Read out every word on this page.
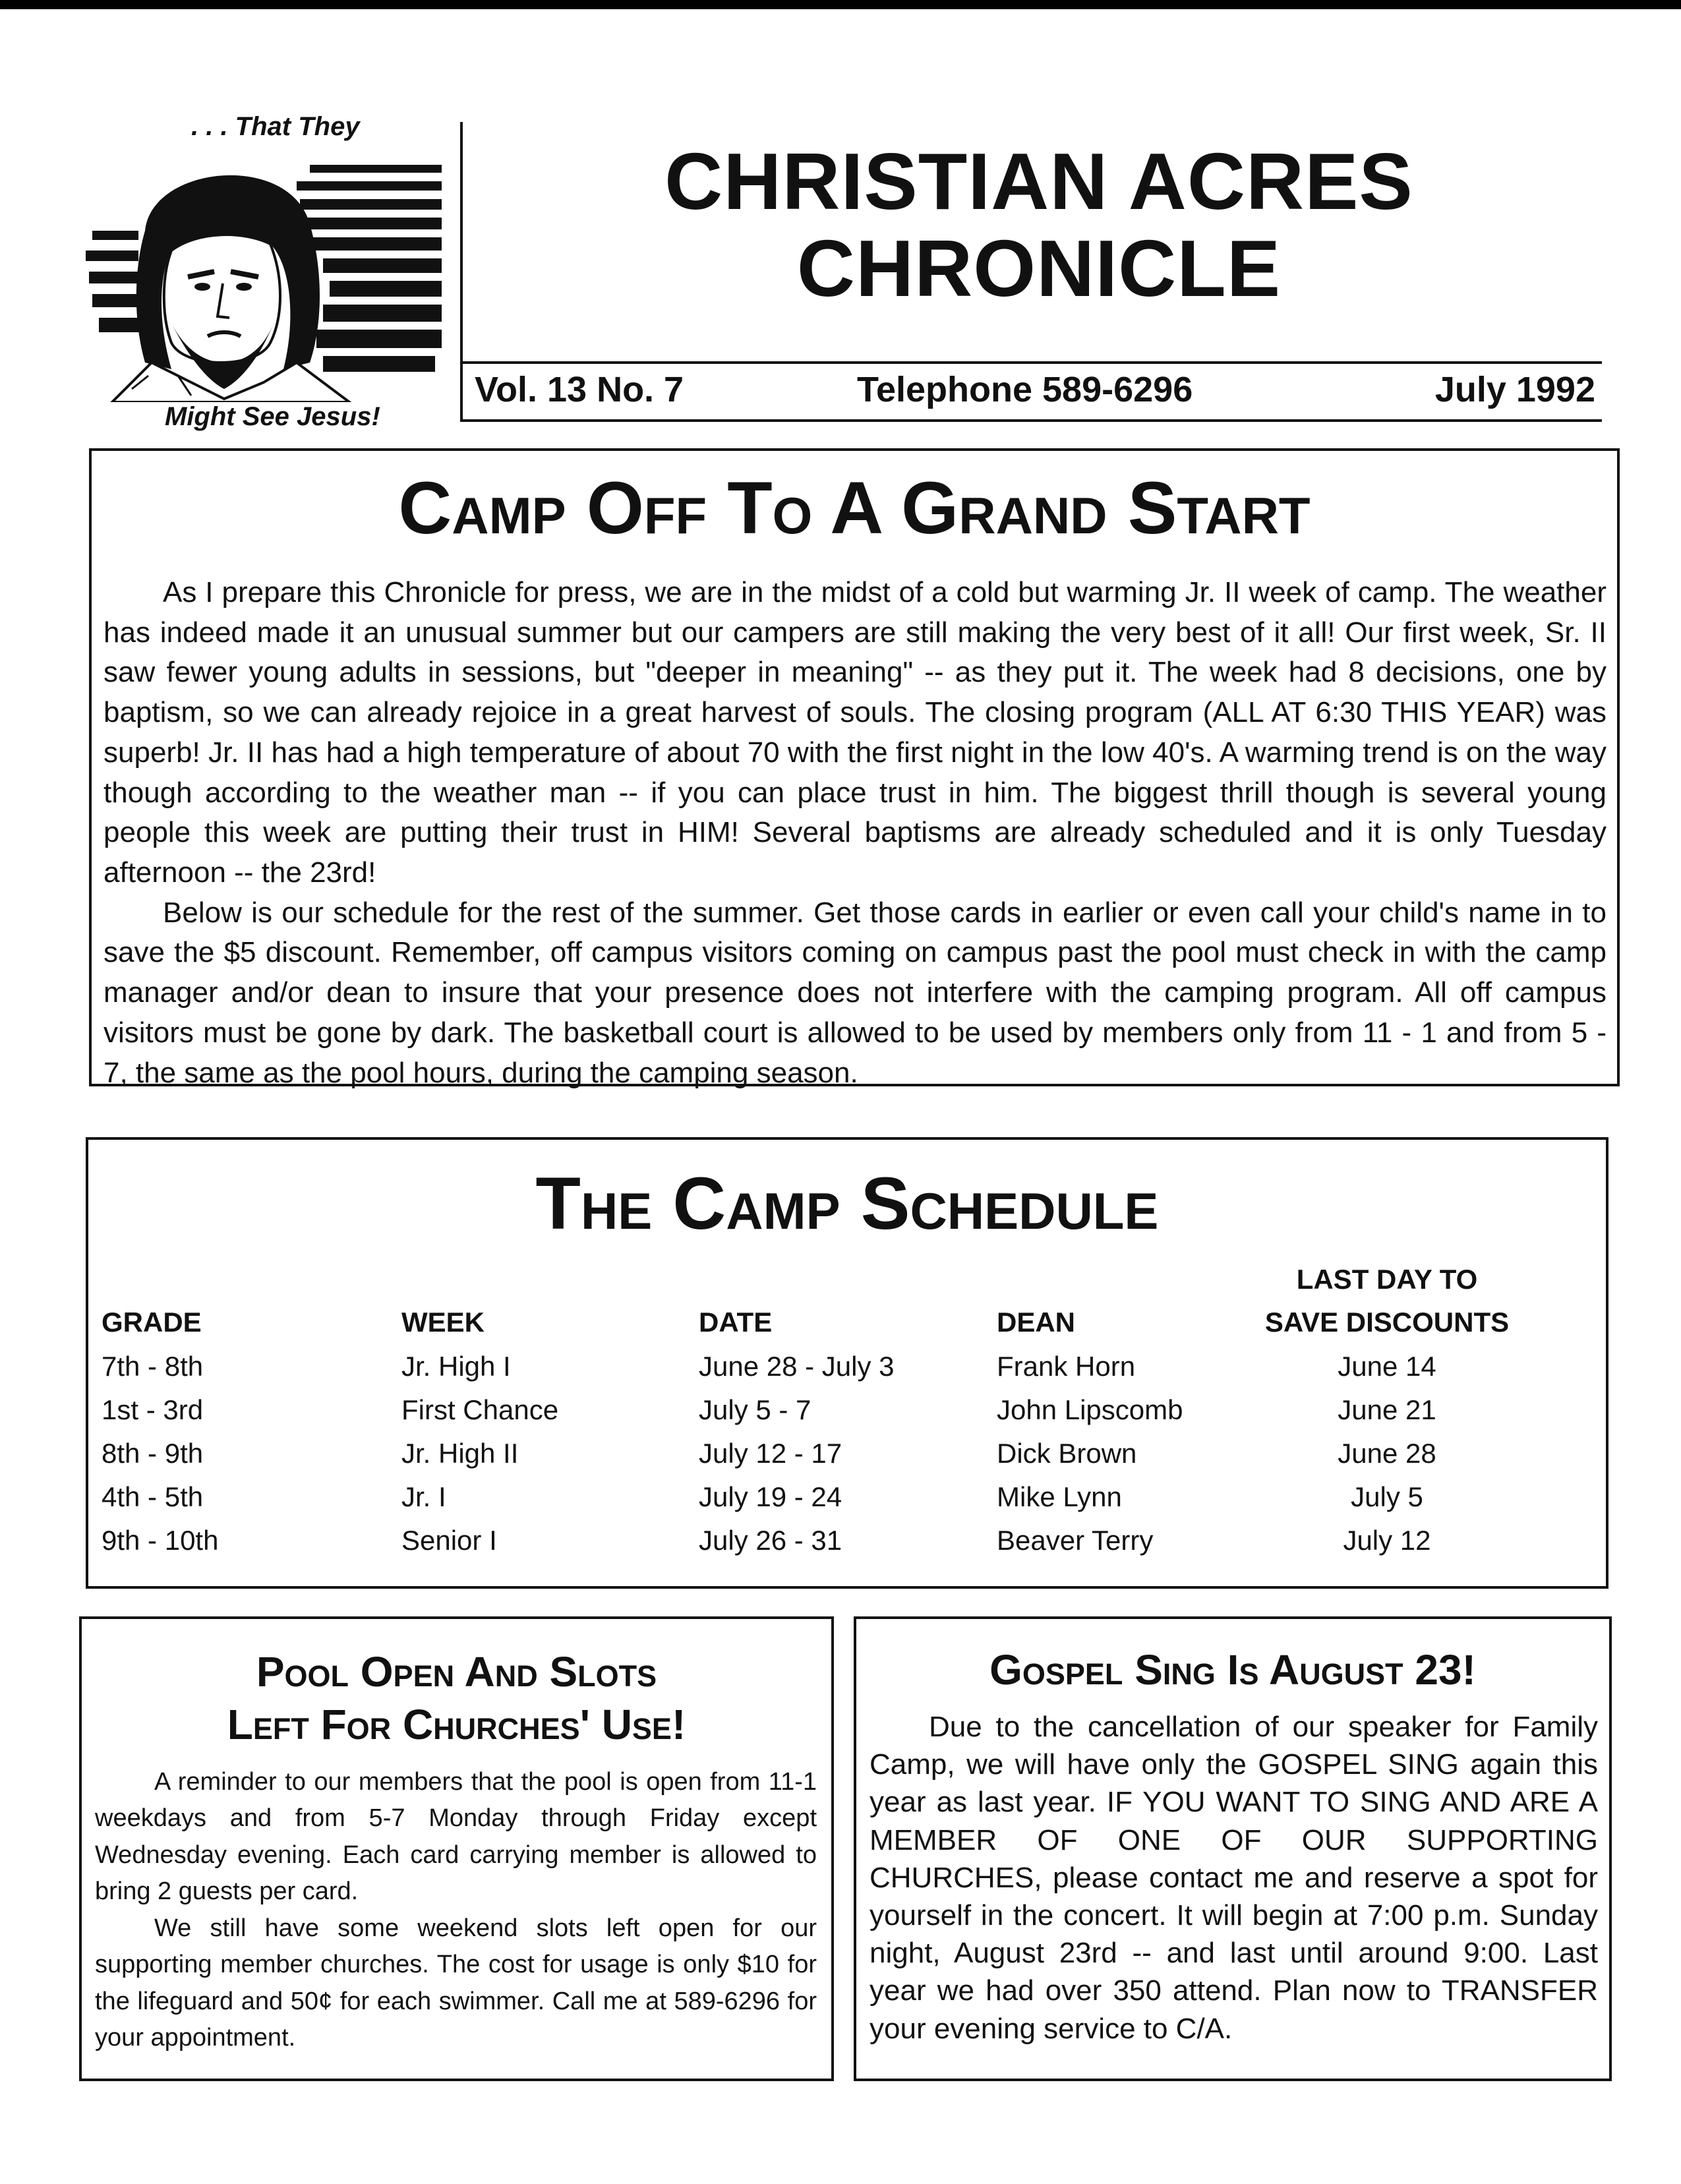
. . . That They
Might See Jesus!
CHRISTIAN ACRES
CHRONICLE
Vol. 13 No. 7	Telephone 589-6296	July 1992
Camp Off To A Grand Start

As I prepare this Chronicle for press, we are in the midst of a cold but warming Jr. II week of camp. The weather has indeed made it an unusual summer but our campers are still making the very best of it all! Our first week, Sr. II saw fewer young adults in sessions, but "deeper in meaning" -- as they put it. The week had 8 decisions, one by baptism, so we can already rejoice in a great harvest of souls. The closing program (ALL AT 6:30 THIS YEAR) was superb! Jr. II has had a high temperature of about 70 with the first night in the low 40's. A warming trend is on the way though according to the weather man -- if you can place trust in him. The biggest thrill though is several young people this week are putting their trust in HIM! Several baptisms are already scheduled and it is only Tuesday afternoon -- the 23rd!

Below is our schedule for the rest of the summer. Get those cards in earlier or even call your child's name in to save the $5 discount. Remember, off campus visitors coming on campus past the pool must check in with the camp manager and/or dean to insure that your presence does not interfere with the camping program. All off campus visitors must be gone by dark. The basketball court is allowed to be used by members only from 11 - 1 and from 5 - 7, the same as the pool hours, during the camping season.

The Camp Schedule
GRADE	WEEK	DATE	DEAN
LAST DAY TO
SAVE DISCOUNTS
7th - 8th	Jr. High I	June 28 - July 3	Frank Horn	June 14
1st - 3rd	First Chance	July 5 - 7	John Lipscomb	June 21
8th - 9th	Jr. High II	July 12 - 17	Dick Brown	June 28
4th - 5th	Jr. I	July 19 - 24	Mike Lynn	July 5
9th - 10th	Senior I	July 26 - 31	Beaver Terry	July 12
Pool Open And Slots
Left For Churches' Use!

A reminder to our members that the pool is open from 11-1 weekdays and from 5-7 Monday through Friday except Wednesday evening. Each card carrying member is allowed to bring 2 guests per card.

We still have some weekend slots left open for our supporting member churches. The cost for usage is only $10 for the lifeguard and 50¢ for each swimmer. Call me at 589-6296 for your appointment.

Gospel Sing Is August 23!

Due to the cancellation of our speaker for Family Camp, we will have only the GOSPEL SING again this year as last year. IF YOU WANT TO SING AND ARE A MEMBER OF ONE OF OUR SUPPORTING CHURCHES, please contact me and reserve a spot for yourself in the concert. It will begin at 7:00 p.m. Sunday night, August 23rd -- and last until around 9:00. Last year we had over 350 attend. Plan now to TRANSFER your evening service to C/A.
